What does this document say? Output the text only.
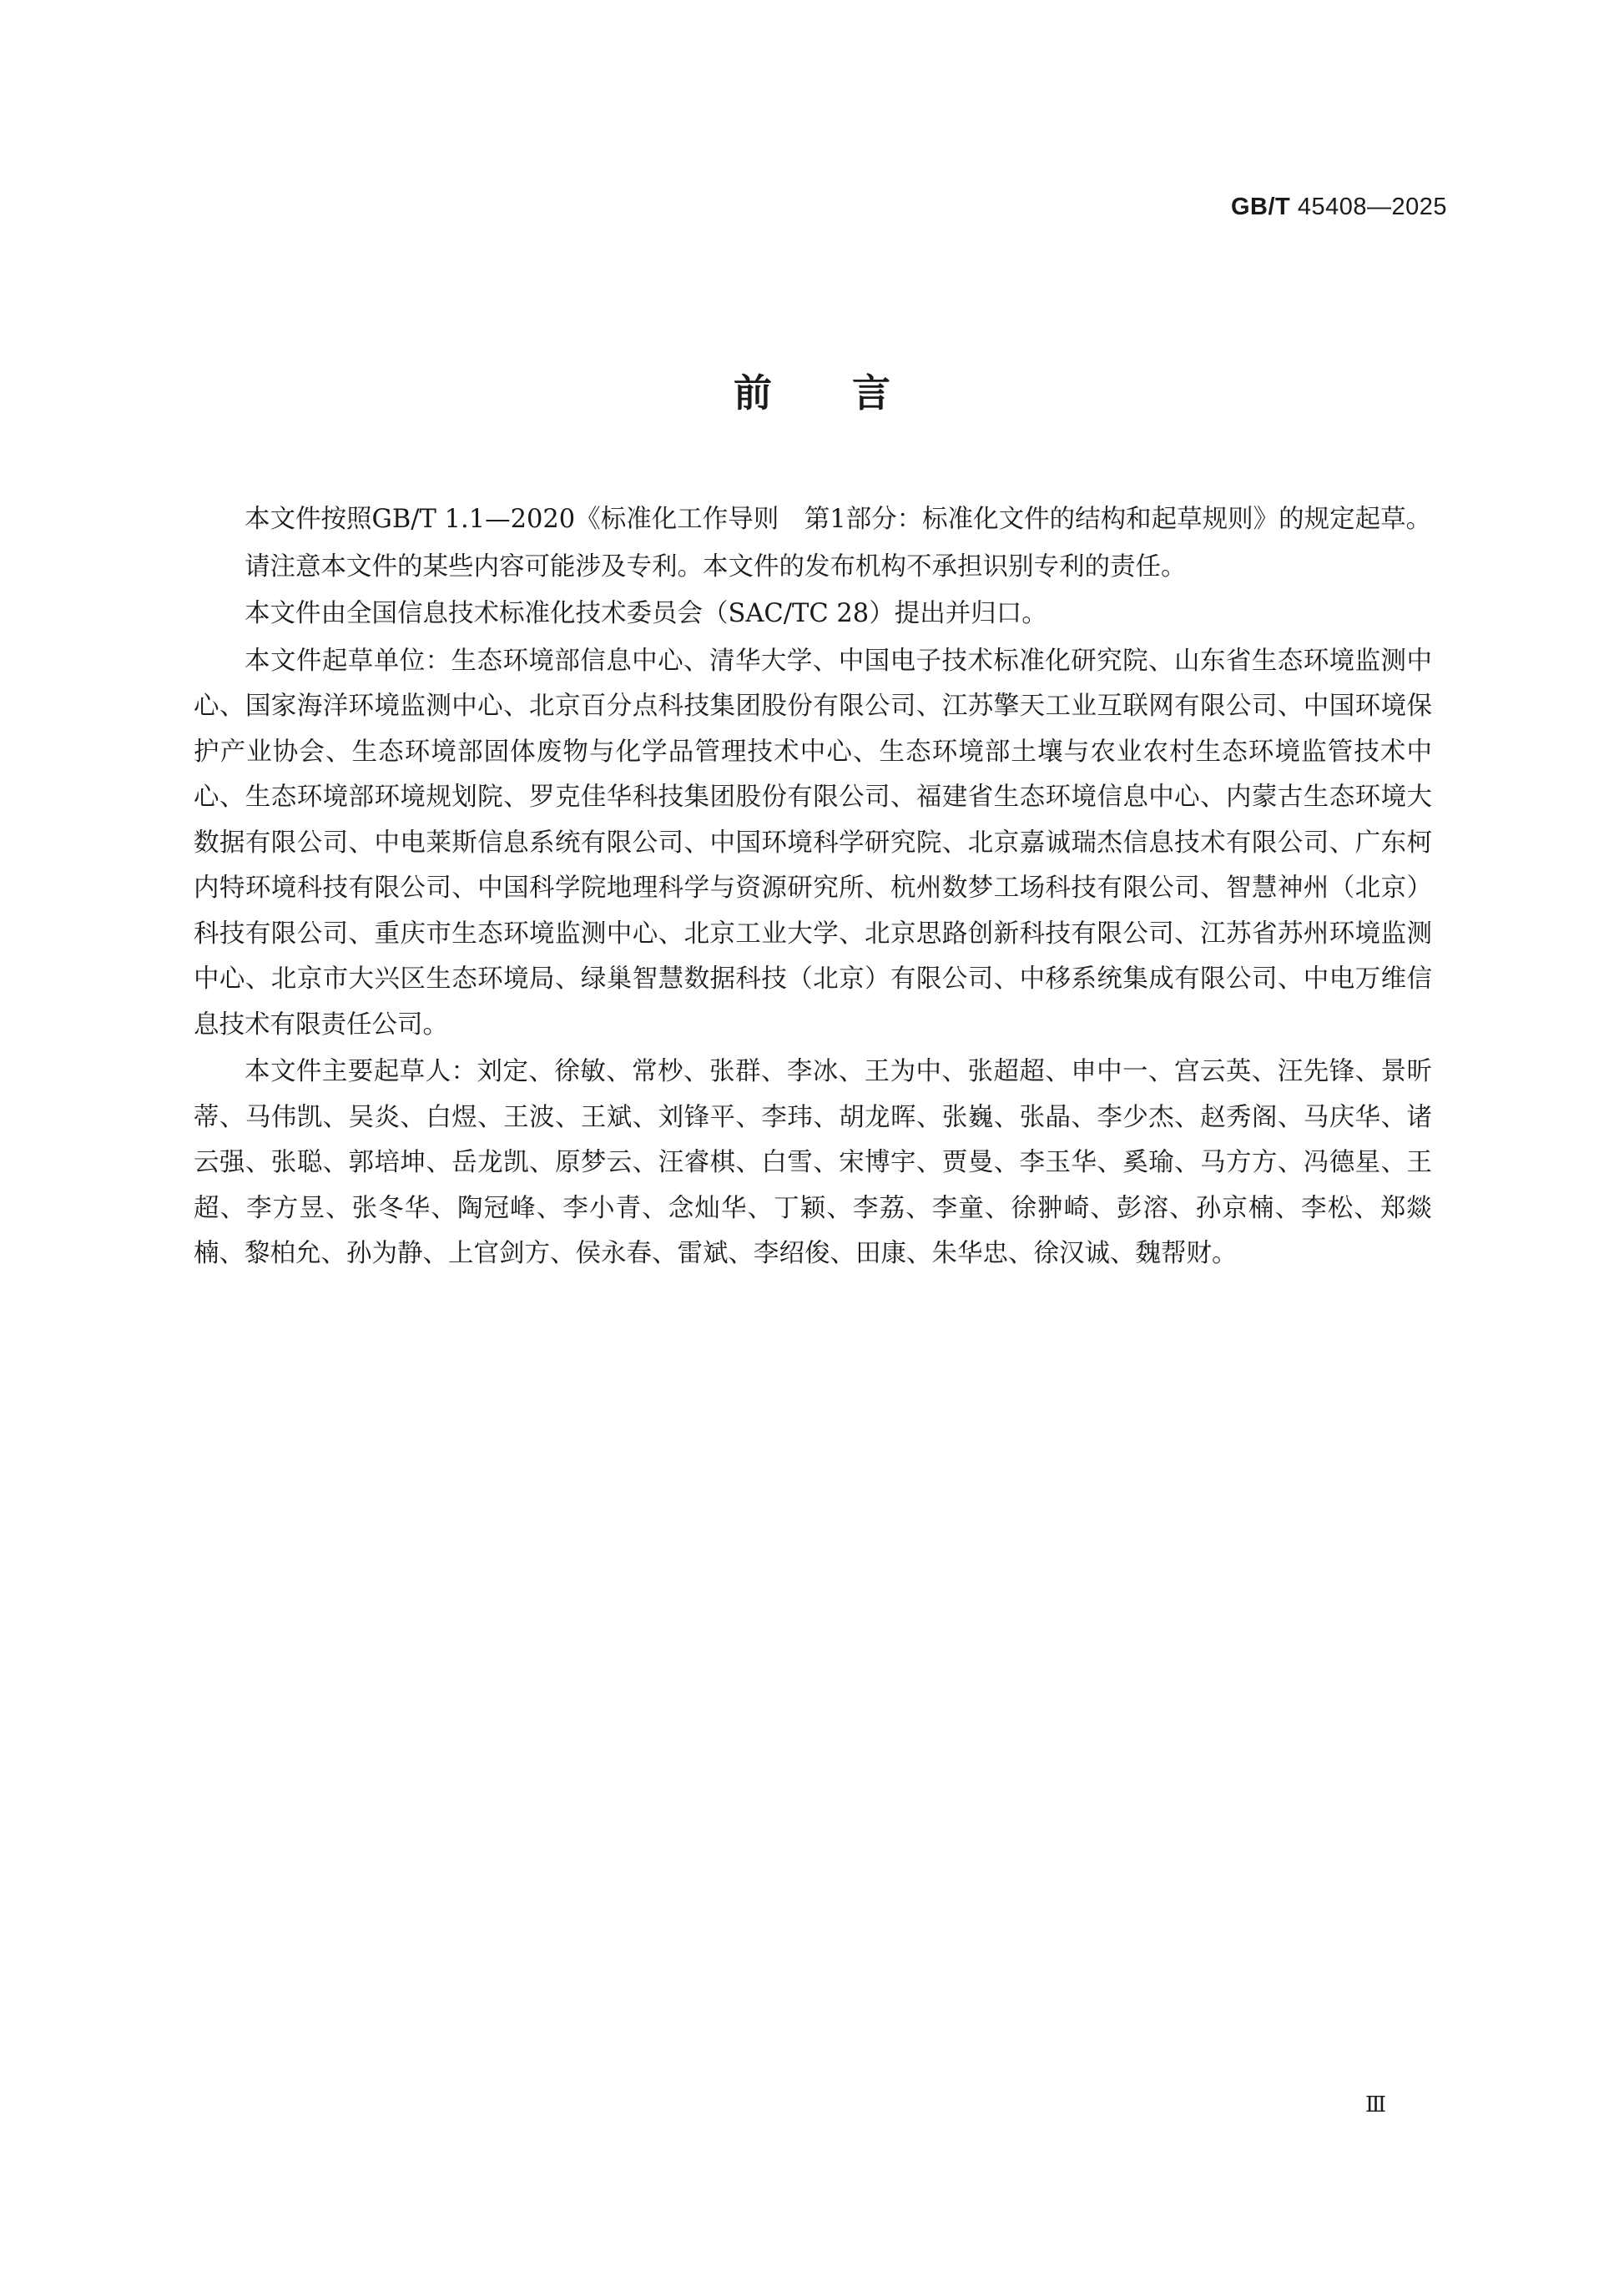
GB/T 45408—2025
前言

本文件按照GB/T 1.1—2020《标准化工作导则　第1部分：标准化文件的结构和起草规则》的规定起草。

请注意本文件的某些内容可能涉及专利。本文件的发布机构不承担识别专利的责任。

本文件由全国信息技术标准化技术委员会（SAC/TC 28）提出并归口。

本文件起草单位：生态环境部信息中心、清华大学、中国电子技术标准化研究院、山东省生态环境监测中心、国家海洋环境监测中心、北京百分点科技集团股份有限公司、江苏擎天工业互联网有限公司、中国环境保护产业协会、生态环境部固体废物与化学品管理技术中心、生态环境部土壤与农业农村生态环境监管技术中心、生态环境部环境规划院、罗克佳华科技集团股份有限公司、福建省生态环境信息中心、内蒙古生态环境大数据有限公司、中电莱斯信息系统有限公司、中国环境科学研究院、北京嘉诚瑞杰信息技术有限公司、广东柯内特环境科技有限公司、中国科学院地理科学与资源研究所、杭州数梦工场科技有限公司、智慧神州（北京）科技有限公司、重庆市生态环境监测中心、北京工业大学、北京思路创新科技有限公司、江苏省苏州环境监测中心、北京市大兴区生态环境局、绿巢智慧数据科技（北京）有限公司、中移系统集成有限公司、中电万维信息技术有限责任公司。

本文件主要起草人：刘定、徐敏、常杪、张群、李冰、王为中、张超超、申中一、宫云英、汪先锋、景昕蒂、马伟凯、吴炎、白煜、王波、王斌、刘锋平、李玮、胡龙晖、张巍、张晶、李少杰、赵秀阁、马庆华、诸云强、张聪、郭培坤、岳龙凯、原梦云、汪睿棋、白雪、宋博宇、贾曼、李玉华、奚瑜、马方方、冯德星、王超、李方昱、张冬华、陶冠峰、李小青、念灿华、丁颖、李荔、李童、徐翀崎、彭溶、孙京楠、李松、郑燚楠、黎柏允、孙为静、上官剑方、侯永春、雷斌、李绍俊、田康、朱华忠、徐汉诚、魏帮财。

Ⅲ
